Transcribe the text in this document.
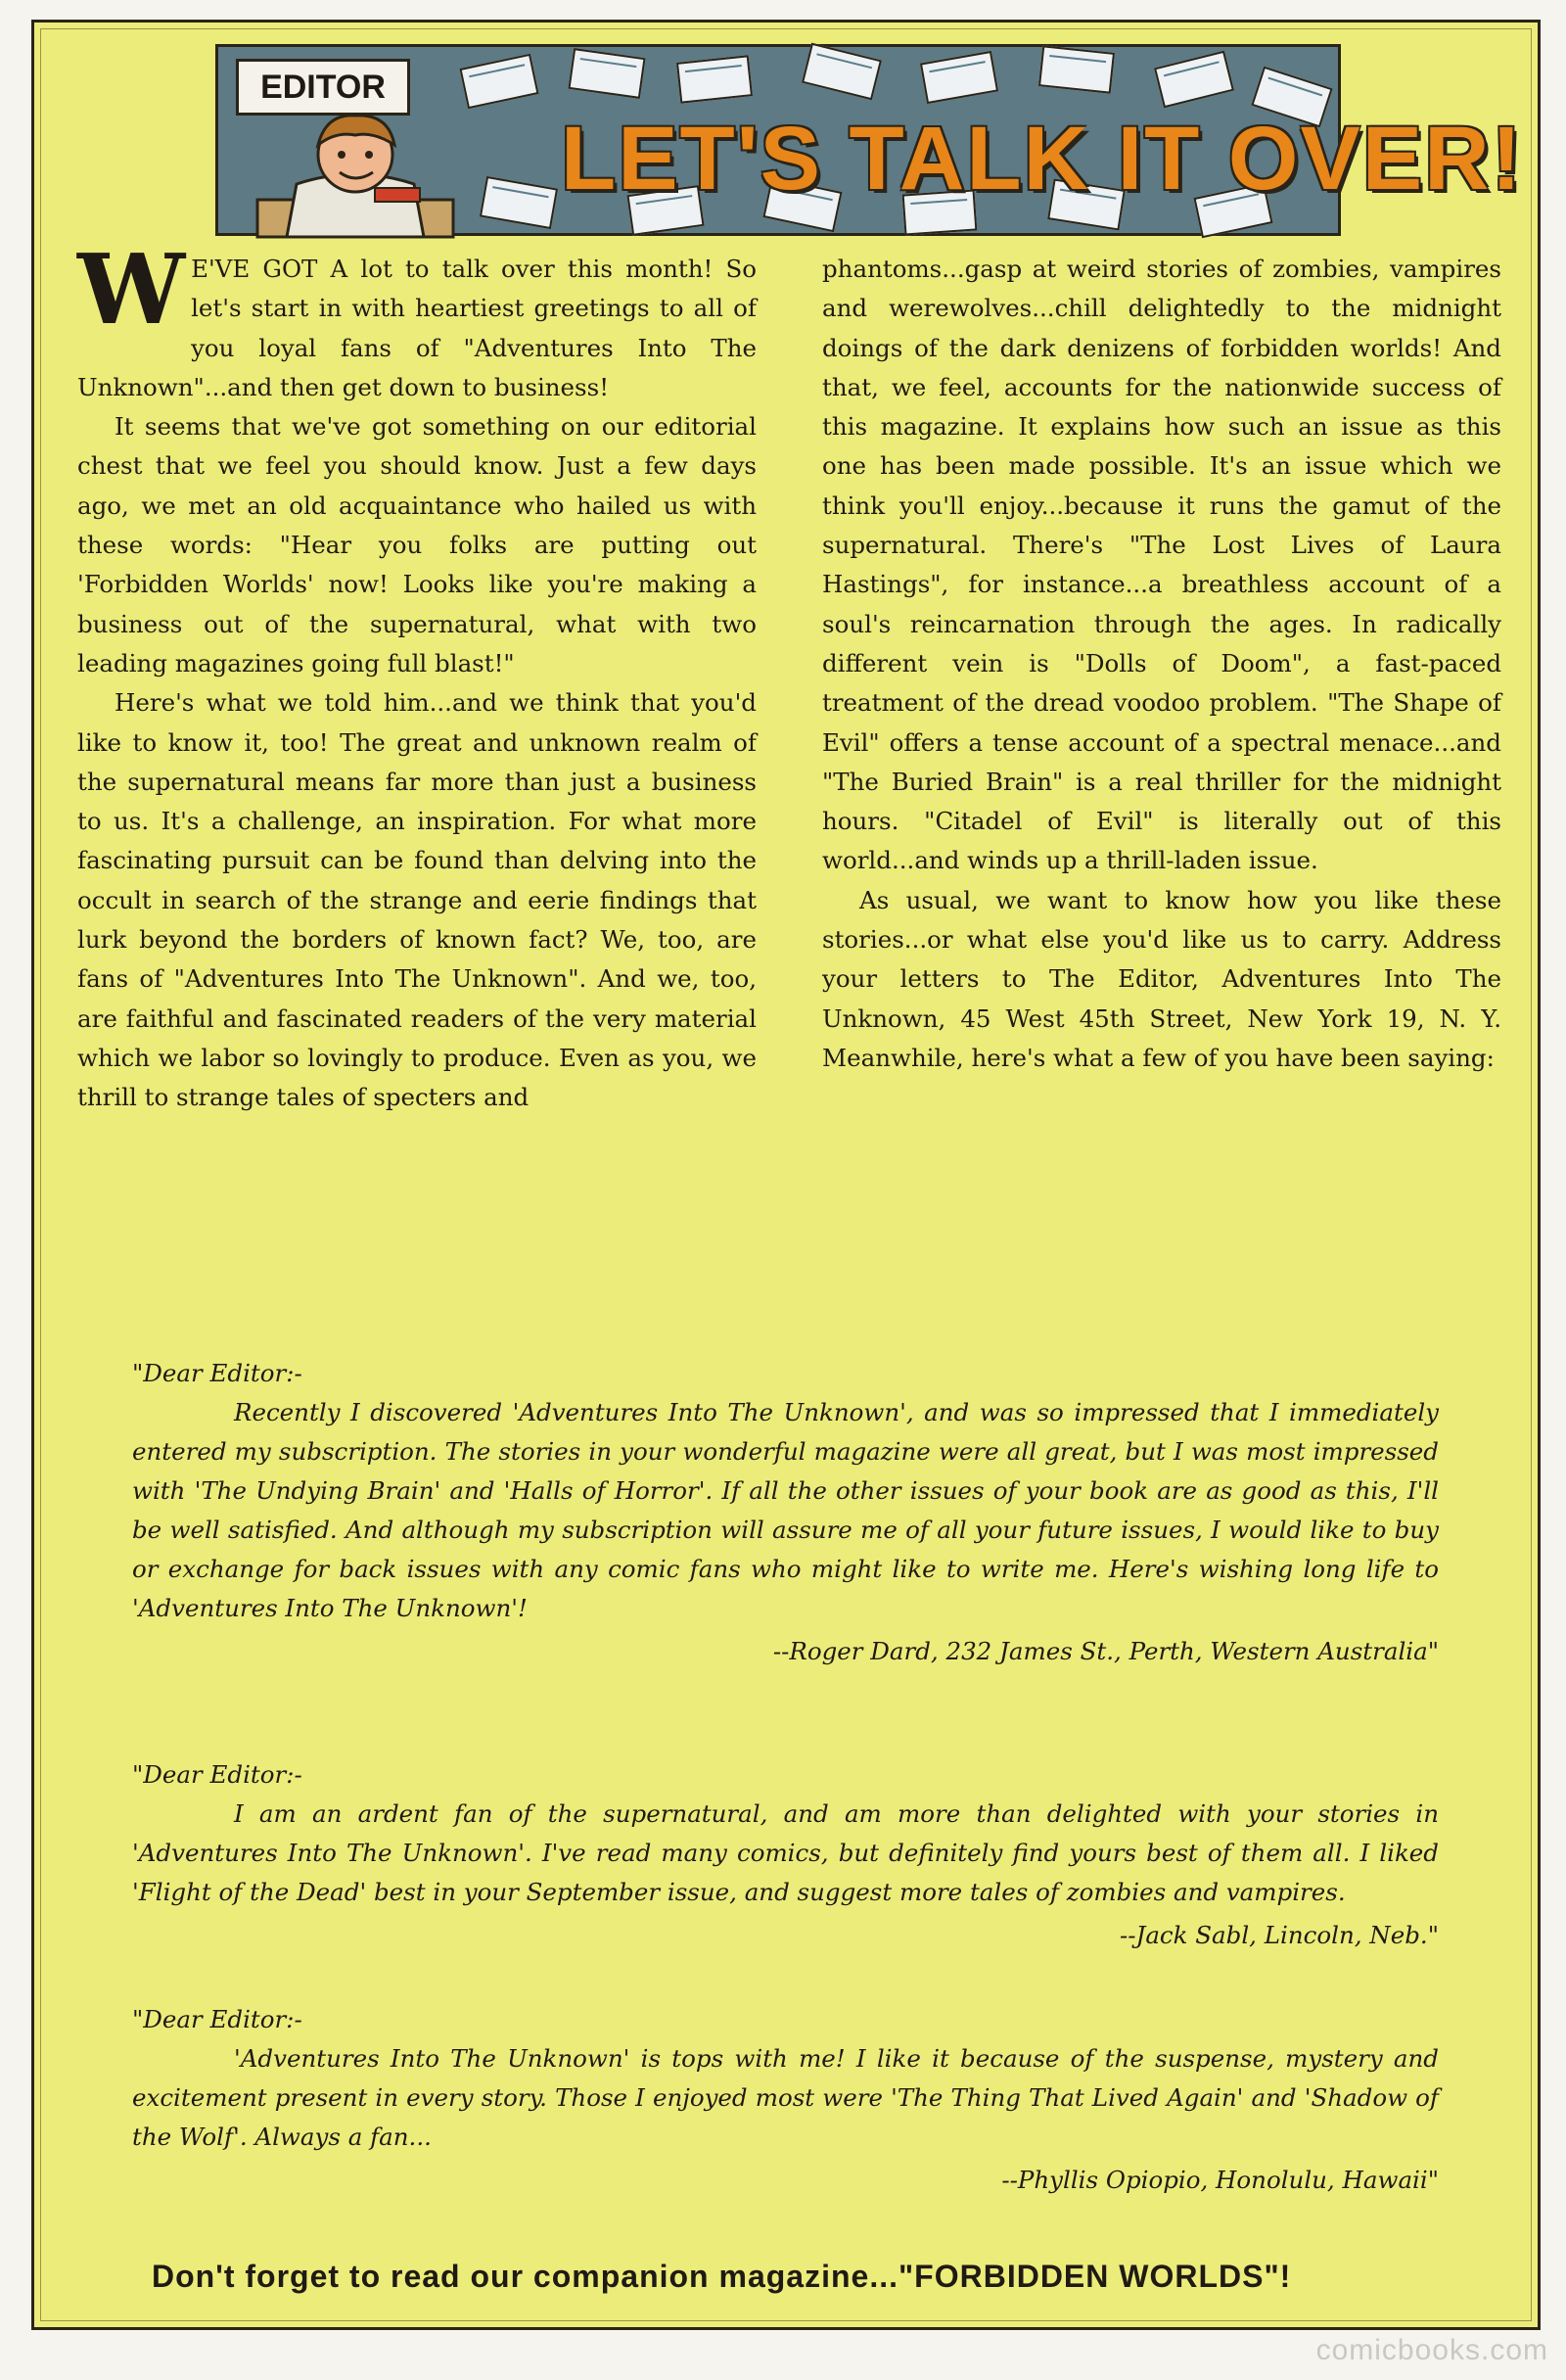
EDITOR
LET'S TALK IT OVER!

W E'VE GOT A lot to talk over this month! So let's start in with heartiest greetings to all of you loyal fans of "Adventures Into The Unknown"...and then get down to business!

It seems that we've got something on our editorial chest that we feel you should know. Just a few days ago, we met an old acquaintance who hailed us with these words: "Hear you folks are putting out 'Forbidden Worlds' now! Looks like you're making a business out of the supernatural, what with two leading magazines going full blast!"

Here's what we told him...and we think that you'd like to know it, too! The great and unknown realm of the supernatural means far more than just a business to us. It's a challenge, an inspiration. For what more fascinating pursuit can be found than delving into the occult in search of the strange and eerie findings that lurk beyond the borders of known fact? We, too, are fans of "Adventures Into The Unknown". And we, too, are faithful and fascinated readers of the very material which we labor so lovingly to produce. Even as you, we thrill to strange tales of specters and

phantoms...gasp at weird stories of zombies, vampires and werewolves...chill delightedly to the midnight doings of the dark denizens of forbidden worlds! And that, we feel, accounts for the nationwide success of this magazine. It explains how such an issue as this one has been made possible. It's an issue which we think you'll enjoy...because it runs the gamut of the supernatural. There's "The Lost Lives of Laura Hastings", for instance...a breathless account of a soul's reincarnation through the ages. In radically different vein is "Dolls of Doom", a fast-paced treatment of the dread voodoo problem. "The Shape of Evil" offers a tense account of a spectral menace...and "The Buried Brain" is a real thriller for the midnight hours. "Citadel of Evil" is literally out of this world...and winds up a thrill-laden issue.

As usual, we want to know how you like these stories...or what else you'd like us to carry. Address your letters to The Editor, Adventures Into The Unknown, 45 West 45th Street, New York 19, N. Y. Meanwhile, here's what a few of you have been saying:

"Dear Editor:-

Recently I discovered 'Adventures Into The Unknown', and was so impressed that I immediately entered my subscription. The stories in your wonderful magazine were all great, but I was most impressed with 'The Undying Brain' and 'Halls of Horror'. If all the other issues of your book are as good as this, I'll be well satisfied. And although my subscription will assure me of all your future issues, I would like to buy or exchange for back issues with any comic fans who might like to write me. Here's wishing long life to 'Adventures Into The Unknown'!

--Roger Dard, 232 James St., Perth, Western Australia"
"Dear Editor:-

I am an ardent fan of the supernatural, and am more than delighted with your stories in 'Adventures Into The Unknown'. I've read many comics, but definitely find yours best of them all. I liked 'Flight of the Dead' best in your September issue, and suggest more tales of zombies and vampires.

--Jack Sabl, Lincoln, Neb."
"Dear Editor:-

'Adventures Into The Unknown' is tops with me! I like it because of the suspense, mystery and excitement present in every story. Those I enjoyed most were 'The Thing That Lived Again' and 'Shadow of the Wolf'. Always a fan...

--Phyllis Opiopio, Honolulu, Hawaii"
Don't forget to read our companion magazine..."FORBIDDEN WORLDS"!
comicbooks.com
